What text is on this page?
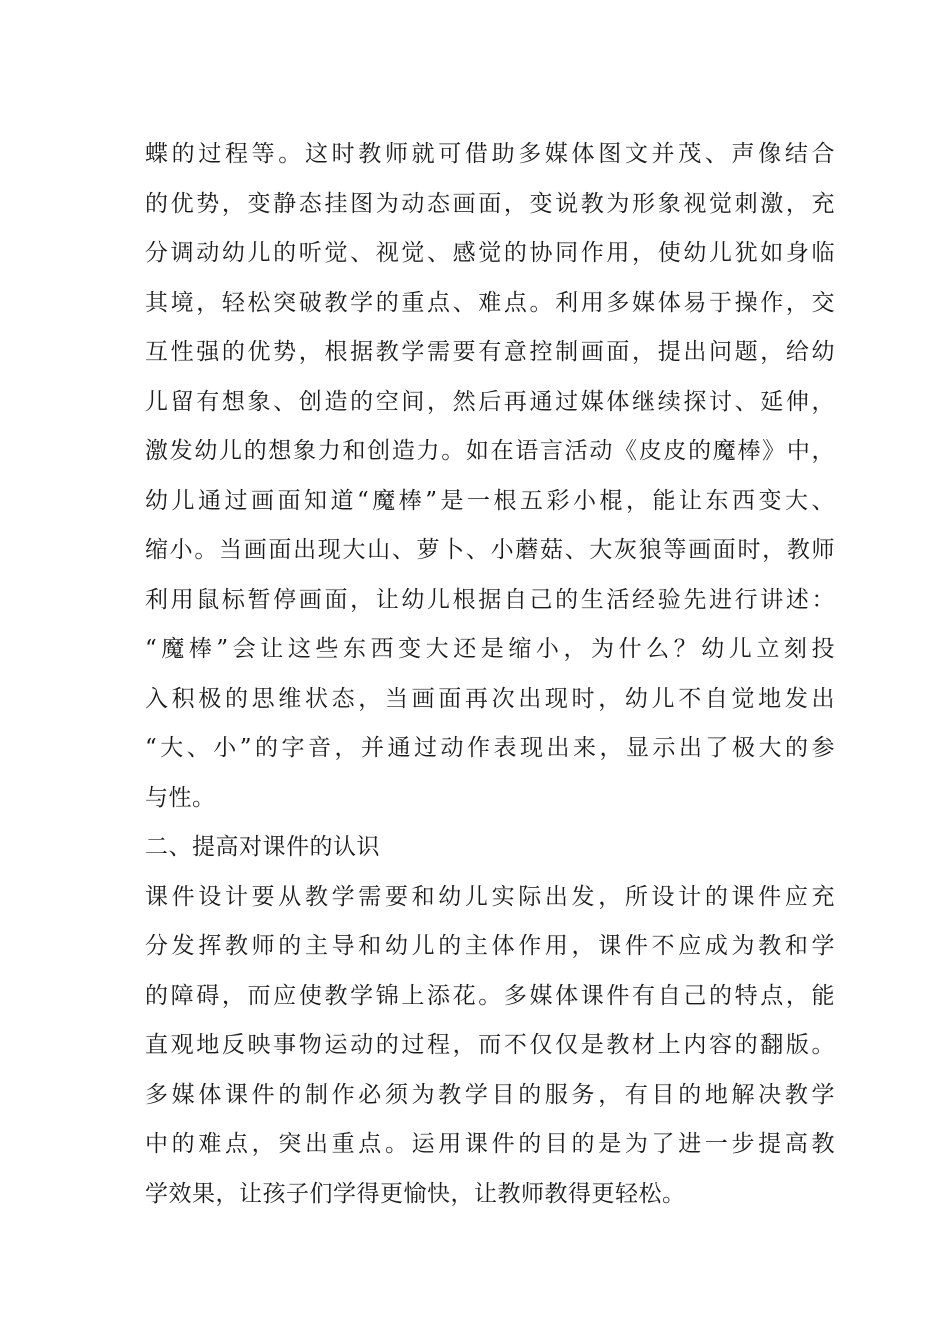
蝶的过程等。这时教师就可借助多媒体图文并茂、声像结合
的优势，变静态挂图为动态画面，变说教为形象视觉刺激，充
分调动幼儿的听觉、视觉、感觉的协同作用，使幼儿犹如身临
其境，轻松突破教学的重点、难点。利用多媒体易于操作，交
互性强的优势，根据教学需要有意控制画面，提出问题，给幼
儿留有想象、创造的空间，然后再通过媒体继续探讨、延伸，
激发幼儿的想象力和创造力。如在语言活动《皮皮的魔棒》中，
幼儿通过画面知道“魔棒”是一根五彩小棍，能让东西变大、
缩小。当画面出现大山、萝卜、小蘑菇、大灰狼等画面时，教师
利用鼠标暂停画面，让幼儿根据自己的生活经验先进行讲述：
“魔棒”会让这些东西变大还是缩小，为什么？幼儿立刻投
入积极的思维状态，当画面再次出现时，幼儿不自觉地发出
“大、小”的字音，并通过动作表现出来，显示出了极大的参
与性。
二、提高对课件的认识
课件设计要从教学需要和幼儿实际出发，所设计的课件应充
分发挥教师的主导和幼儿的主体作用，课件不应成为教和学
的障碍，而应使教学锦上添花。多媒体课件有自己的特点，能
直观地反映事物运动的过程，而不仅仅是教材上内容的翻版。
多媒体课件的制作必须为教学目的服务，有目的地解决教学
中的难点，突出重点。运用课件的目的是为了进一步提高教
学效果，让孩子们学得更愉快，让教师教得更轻松。
